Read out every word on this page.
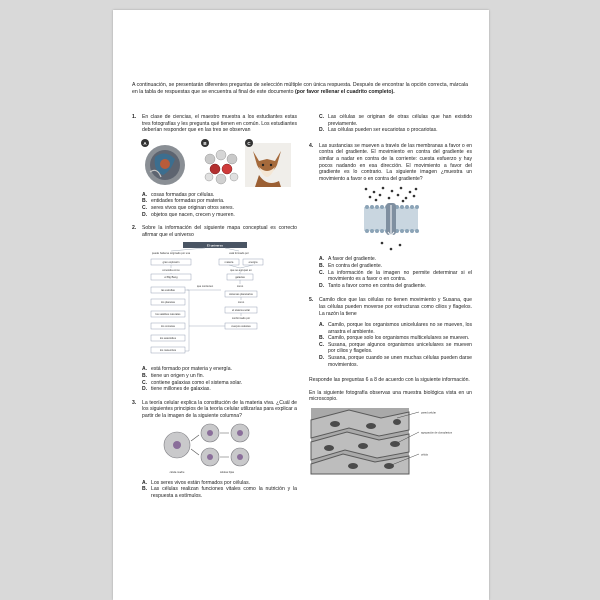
A continuación, se presentarán diferentes preguntas de selección múltiple con única respuesta. Después de encontrar la opción correcta, márcala en la tabla de respuestas que se encuentra al final de este documento (por favor rellenar el cuadrito completo).
1. En clase de ciencias, el maestro muestra a los estudiantes estas tres fotografías y les pregunta qué tienen en común. Los estudiantes deberían responder que en las tres se observan
A	B	C
A. cosas formadas por células.
B. entidades formadas por materia.
C. seres vivos que originan otros seres.
D. objetos que nacen, crecen y mueren.
2. Sobre la información del siguiente mapa conceptual es correcto afirmar que el universo
El universo
puede haberse originado por una	está formado por
gran explosión	materia	energía
conocida como	que se agrupan en
el Big Bang	galaxias
como
sistemas planetarios
como
el sistema solar
conformado por
cuerpos celestes
que contienen
las estrellas
los planetas
los satélites naturales
los cometas
los asteroides
los meteoritos
A. está formado por materia y energía.
B. tiene un origen y un fin.
C. contiene galaxias como el sistema solar.
D. tiene millones de galaxias.
3. La teoría celular explica la constitución de la materia viva. ¿Cuál de los siguientes principios de la teoría celular utilizarías para explicar a partir de la imagen de la siguiente columna?
célula madre	células hijas
A. Los seres vivos están formados por células.
B. Las células realizan funciones vitales como la nutrición y la respuesta a estímulos.
C. Las células se originan de otras células que han existido previamente.
D. Las células pueden ser eucariotas o procariotas.
4. Las sustancias se mueven a través de las membranas a favor o en contra del gradiente. El movimiento en contra del gradiente es similar a nadar en contra de la corriente: cuesta esfuerzo y hay pocos nadando en esa dirección. El movimiento a favor del gradiente es lo contrario. La siguiente imagen ¿muestra un movimiento a favor o en contra del gradiente?
A. A favor del gradiente.
B. En contra del gradiente.
C. La información de la imagen no permite determinar si el movimiento es a favor o en contra.
D. Tanto a favor como en contra del gradiente.
5. Camilo dice que las células no tienen movimiento y Susana, que las células pueden moverse por estructuras como cilios y flagelos. La razón la tiene
A. Camilo, porque los organismos unicelulares no se mueven, los arrastra el ambiente.
B. Camilo, porque solo los organismos multicelulares se mueven.
C. Susana, porque algunos organismos unicelulares se mueven por cilios y flagelos.
D. Susana, porque cuando se unen muchas células pueden darse movimientos.
Responde las preguntas 6 a 8 de acuerdo con la siguiente información.
En la siguiente fotografía observas una muestra biológica vista en un microscopio.
pared celular
agrupación de cloroplastos
célula
